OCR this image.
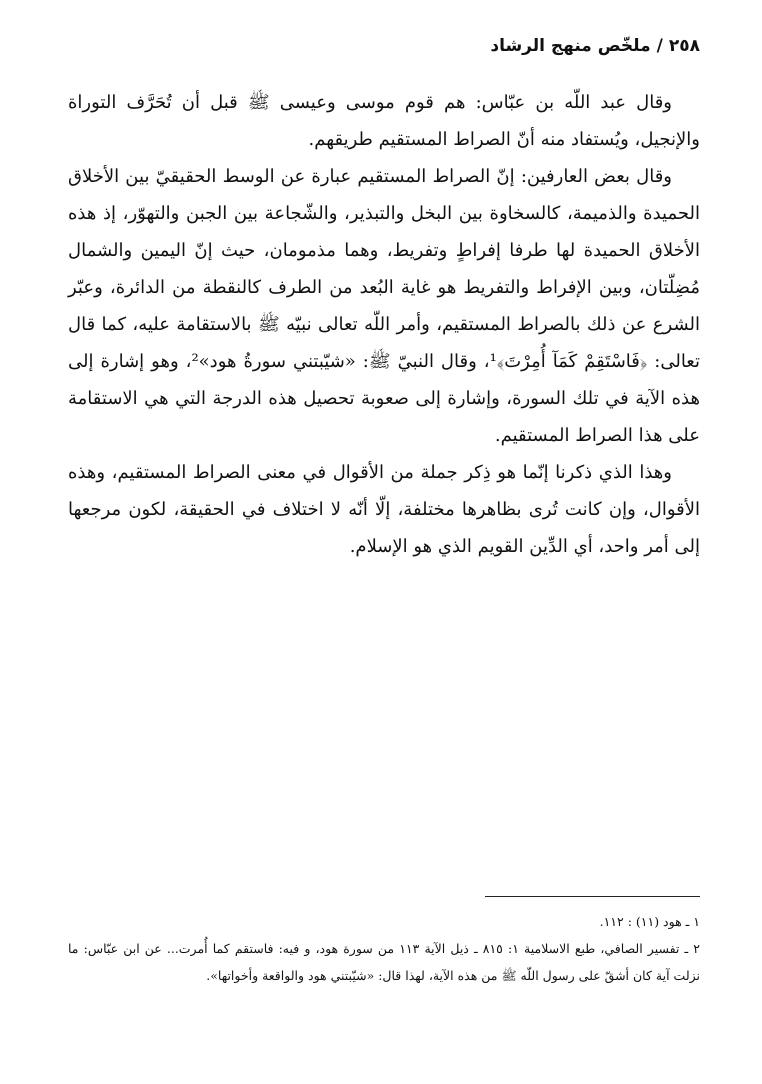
٢٥٨/ملخّص منهج الرشاد

وقال عبد اللّه بن عبّاس: هم قوم موسى وعيسى ﷺ قبل أن تُحَرَّف التوراة والإنجيل، ويُستفاد منه أنّ الصراط المستقيم طريقهم.

وقال بعض العارفين: إنّ الصراط المستقيم عبارة عن الوسط الحقيقيّ بين الأخلاق الحميدة والذميمة، كالسخاوة بين البخل والتبذير، والشّجاعة بين الجبن والتهوّر، إذ هذه الأخلاق الحميدة لها طرفا إفراطٍ وتفريط، وهما مذمومان، حيث إنّ اليمين والشمال مُضِلّتان، وبين الإفراط والتفريط هو غاية البُعد من الطرف كالنقطة من الدائرة، وعبّر الشرع عن ذلك بالصراط المستقيم، وأمر اللّه تعالى نبيّه ﷺ بالاستقامة عليه، كما قال تعالى: ﴿فَاسْتَقِمْ كَمَآ أُمِرْتَ﴾¹، وقال النبيّ ﷺ: «شيّبتني سورةُ هود»²، وهو إشارة إلى هذه الآية في تلك السورة، وإشارة إلى صعوبة تحصيل هذه الدرجة التي هي الاستقامة على هذا الصراط المستقيم.

وهذا الذي ذكرنا إنّما هو ذِكر جملة من الأقوال في معنى الصراط المستقيم، وهذه الأقوال، وإن كانت تُرى بظاهرها مختلفة، إلّا أنّه لا اختلاف في الحقيقة، لكون مرجعها إلى أمر واحد، أي الدِّين القويم الذي هو الإسلام.

١ ـ هود (١١) : ١١٢.

٢ ـ تفسير الصافي، طبع الاسلامية ١: ٨١٥ ـ ذيل الآية ١١٣ من سورة هود، و فيه: فاستقم كما أُمرت... عن ابن عبّاس: ما نزلت آية كان أشقّ على رسول اللّه ﷺ من هذه الآية، لهذا قال: «شيّبتني هود والواقعة وأخواتها».
